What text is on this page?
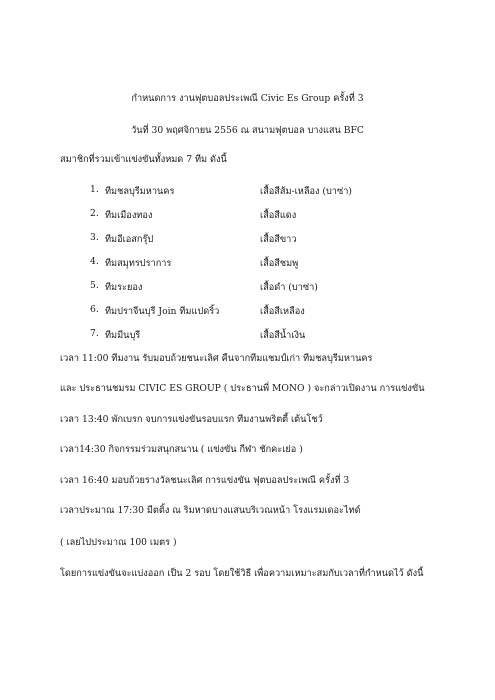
กำหนดการ งานฟุตบอลประเพณี Civic Es Group ครั้งที่ 3
วันที่ 30 พฤศจิกายน 2556 ณ สนามฟุตบอล บางแสน BFC
สมาชิกที่รวมเข้าแข่งขันทั้งหมด 7 ทีม ดังนี้
1. ทีมชลบุรีมหานคร	เสื้อสีส้ม-เหลือง (บาซ่า)
2. ทีมเมืองทอง	เสื้อสีแดง
3. ทีมอีเอสกรุ๊ป	เสื้อสีขาว
4. ทีมสมุทรปราการ	เสื้อสีชมพู
5. ทีมระยอง	เสื้อดำ (บาซ่า)
6. ทีมปราจีนบุรี Join ทีมแปดริ้ว	เสื้อสีเหลือง
7. ทีมมีนบุรี	เสื้อสีน้ำเงิน
เวลา 11:00 ทีมงาน รับมอบถ้วยชนะเลิศ คืนจากทีมแชมป์เก่า ทีมชลบุรีมหานคร
และ ประธานชมรม CIVIC ES GROUP ( ประธานพี่ MONO ) จะกล่าวเปิดงาน การแข่งขัน
เวลา 13:40 พักเบรก จบการแข่งขันรอบแรก ทีมงานพริตตี้ เต้นโชว์
เวลา14:30 กิจกรรมร่วมสนุกสนาน ( แข่งขัน กีฬา ชักคะเย่อ )
เวลา 16:40 มอบถ้วยรางวัลชนะเลิศ การแข่งขัน ฟุตบอลประเพณี ครั้งที่ 3
เวลาประมาณ 17:30 มีตติ้ง ณ ริมหาดบางแสนบริเวณหน้า โรงแรมเดอะไทด์
( เลยไปประมาณ 100 เมตร )
โดยการแข่งขันจะแบ่งออก เป็น 2 รอบ โดยใช้วิธี เพื่อความเหมาะสมกับเวลาที่กำหนดไว้ ดังนี้
